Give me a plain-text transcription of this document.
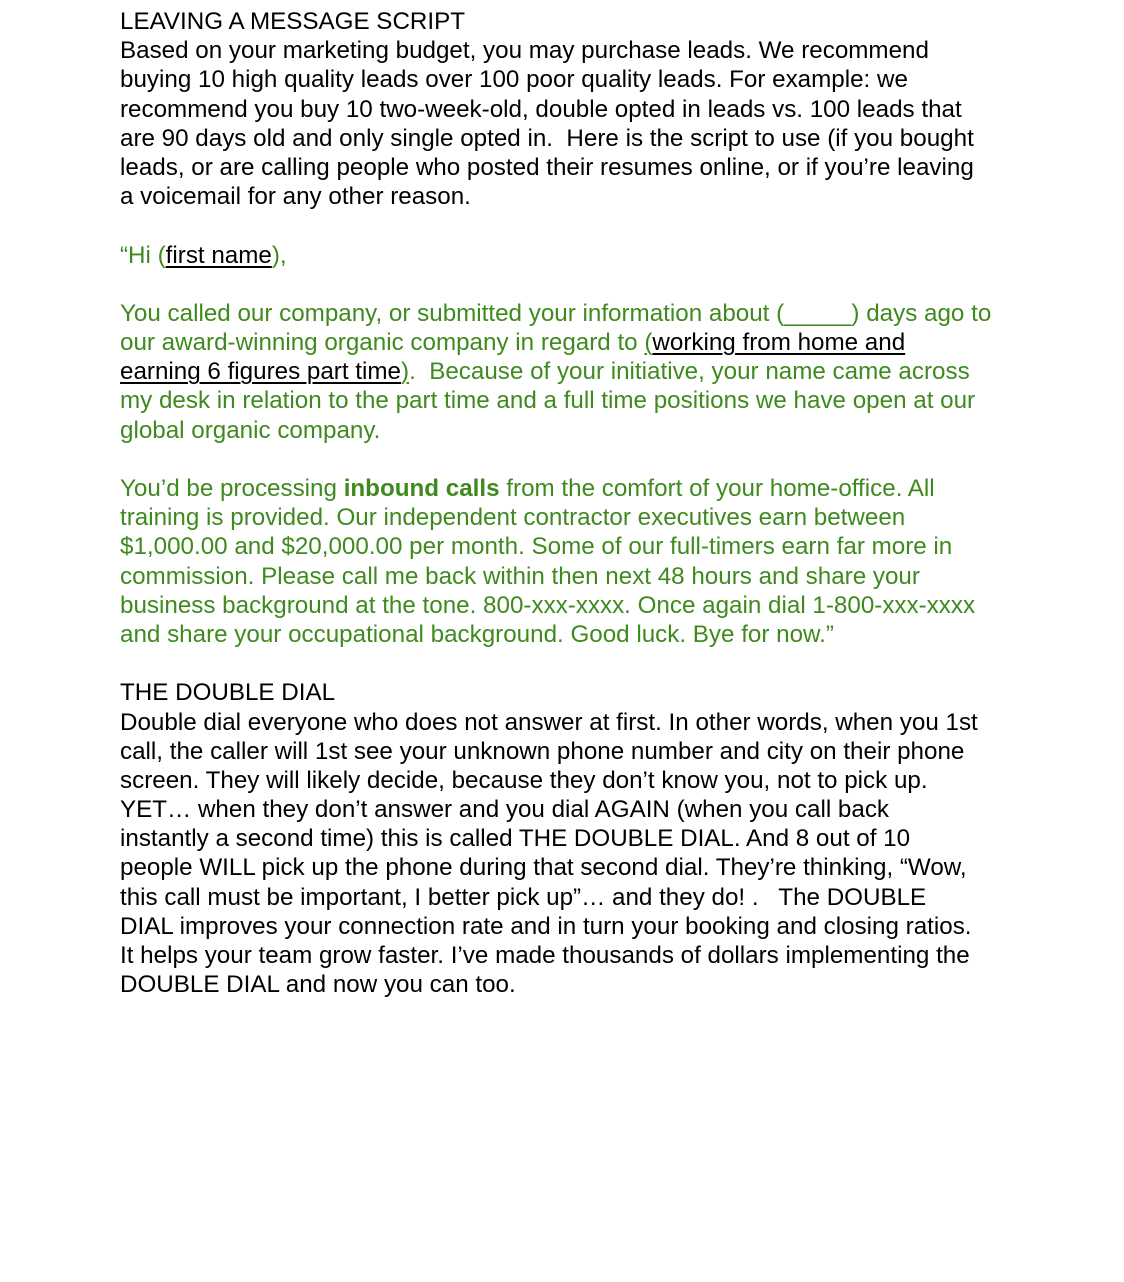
LEAVING A MESSAGE SCRIPT
Based on your marketing budget, you may purchase leads. We recommend
buying 10 high quality leads over 100 poor quality leads. For example: we
recommend you buy 10 two-week-old, double opted in leads vs. 100 leads that
are 90 days old and only single opted in.  Here is the script to use (if you bought
leads, or are calling people who posted their resumes online, or if you’re leaving
a voicemail for any other reason.
“Hi (first name),
You called our company, or submitted your information about (_____) days ago to
our award-winning organic company in regard to (working from home and
earning 6 figures part time).  Because of your initiative, your name came across
my desk in relation to the part time and a full time positions we have open at our
global organic company.
You’d be processing inbound calls from the comfort of your home-office. All
training is provided. Our independent contractor executives earn between
$1,000.00 and $20,000.00 per month. Some of our full-timers earn far more in
commission. Please call me back within then next 48 hours and share your
business background at the tone. 800-xxx-xxxx. Once again dial 1-800-xxx-xxxx
and share your occupational background. Good luck. Bye for now.”
THE DOUBLE DIAL
Double dial everyone who does not answer at first. In other words, when you 1st
call, the caller will 1st see your unknown phone number and city on their phone
screen. They will likely decide, because they don’t know you, not to pick up.
YET… when they don’t answer and you dial AGAIN (when you call back
instantly a second time) this is called THE DOUBLE DIAL. And 8 out of 10
people WILL pick up the phone during that second dial. They’re thinking, “Wow,
this call must be important, I better pick up”… and they do! .   The DOUBLE
DIAL improves your connection rate and in turn your booking and closing ratios.
It helps your team grow faster. I’ve made thousands of dollars implementing the
DOUBLE DIAL and now you can too.
